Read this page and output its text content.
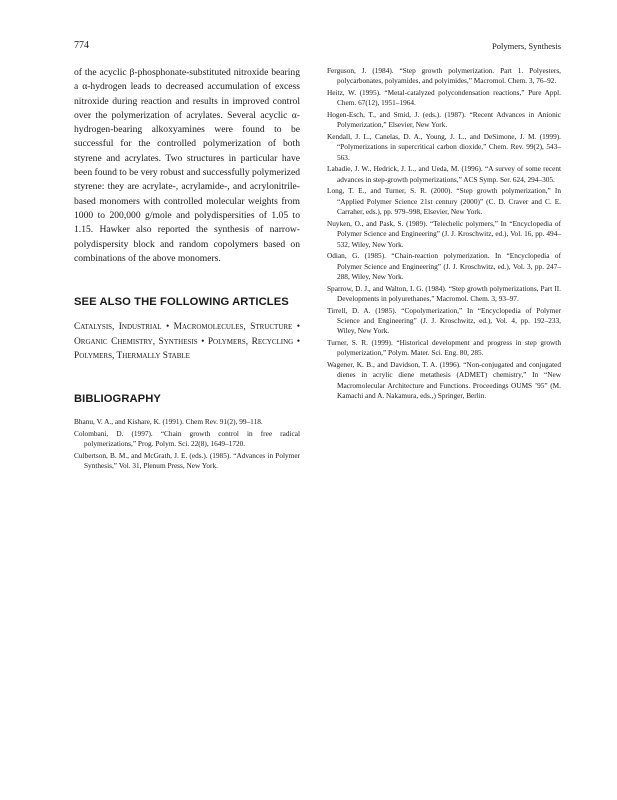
774	Polymers, Synthesis

of the acyclic β-phosphonate-substituted nitroxide bearing a α-hydrogen leads to decreased accumulation of excess nitroxide during reaction and results in improved control over the polymerization of acrylates. Several acyclic α-hydrogen-bearing alkoxyamines were found to be successful for the controlled polymerization of both styrene and acrylates. Two structures in particular have been found to be very robust and successfully polymerized styrene: they are acrylate-, acrylamide-, and acrylonitrile-based monomers with controlled molecular weights from 1000 to 200,000 g/mole and polydispersities of 1.05 to 1.15. Hawker also reported the synthesis of narrow-polydispersity block and random copolymers based on combinations of the above monomers.

SEE ALSO THE FOLLOWING ARTICLES

Catalysis, Industrial • Macromolecules, Structure • Organic Chemistry, Synthesis • Polymers, Recycling • Polymers, Thermally Stable

BIBLIOGRAPHY
Bhanu, V. A., and Kishare, K. (1991). Chem Rev. 91(2), 99–118.
Colombani, D. (1997). “Chain growth control in free radical polymerizations,” Prog. Polym. Sci. 22(8), 1649–1720.
Culbertson, B. M., and McGrath, J. E. (eds.). (1985). “Advances in Polymer Synthesis,” Vol. 31, Plenum Press, New York.
Ferguson, J. (1984). “Step growth polymerization. Part 1. Polyesters, polycarbonates, polyamides, and polyimides,” Macromol. Chem. 3, 76–92.
Heitz, W. (1995). “Metal-catalyzed polycondensation reactions,” Pure Appl. Chem. 67(12), 1951–1964.
Hogen-Esch, T., and Smid, J. (eds.). (1987). “Recent Advances in Anionic Polymerization,” Elsevier, New York.
Kendall, J. L., Canelas, D. A., Young, J. L., and DeSimone, J. M. (1999). “Polymerizations in supercritical carbon dioxide,” Chem. Rev. 99(2), 543–563.
Labadie, J. W., Hedrick, J. L., and Ueda, M. (1996). “A survey of some recent advances in step-growth polymerizations,” ACS Symp. Ser. 624, 294–305.
Long, T. E., and Turner, S. R. (2000). “Step growth polymerization,” In “Applied Polymer Science 21st century (2000)” (C. D. Craver and C. E. Carraher, eds.), pp. 979–998, Elsevier, New York.
Nuyken, O., and Pask, S. (1989). “Telechelic polymers,” In “Encyclopedia of Polymer Science and Engineering” (J. J. Kroschwitz, ed.), Vol. 16, pp. 494–532, Wiley, New York.
Odian, G. (1985). “Chain-reaction polymerization. In “Encyclopedia of Polymer Science and Engineering” (J. J. Kroschwitz, ed.), Vol. 3, pp. 247–288, Wiley, New York.
Sparrow, D. J., and Walton, I. G. (1984). “Step growth polymerizations, Part II. Developments in polyurethanes,” Macromol. Chem. 3, 93–97.
Tirrell, D. A. (1985). “Copolymerization,” In “Encyclopedia of Polymer Science and Engineering” (J. J. Kroschwitz, ed.), Vol. 4, pp. 192–233, Wiley, New York.
Turner, S. R. (1999). “Historical development and progress in step growth polymerization,” Polym. Mater. Sci. Eng. 80, 285.
Wagener, K. B., and Davidson, T. A. (1996). “Non-conjugated and conjugated dienes in acrylic diene metathesis (ADMET) chemistry,” In “New Macromolecular Architecture and Functions. Proceedings OUMS ’95” (M. Kamachi and A. Nakamura, eds.,) Springer, Berlin.
